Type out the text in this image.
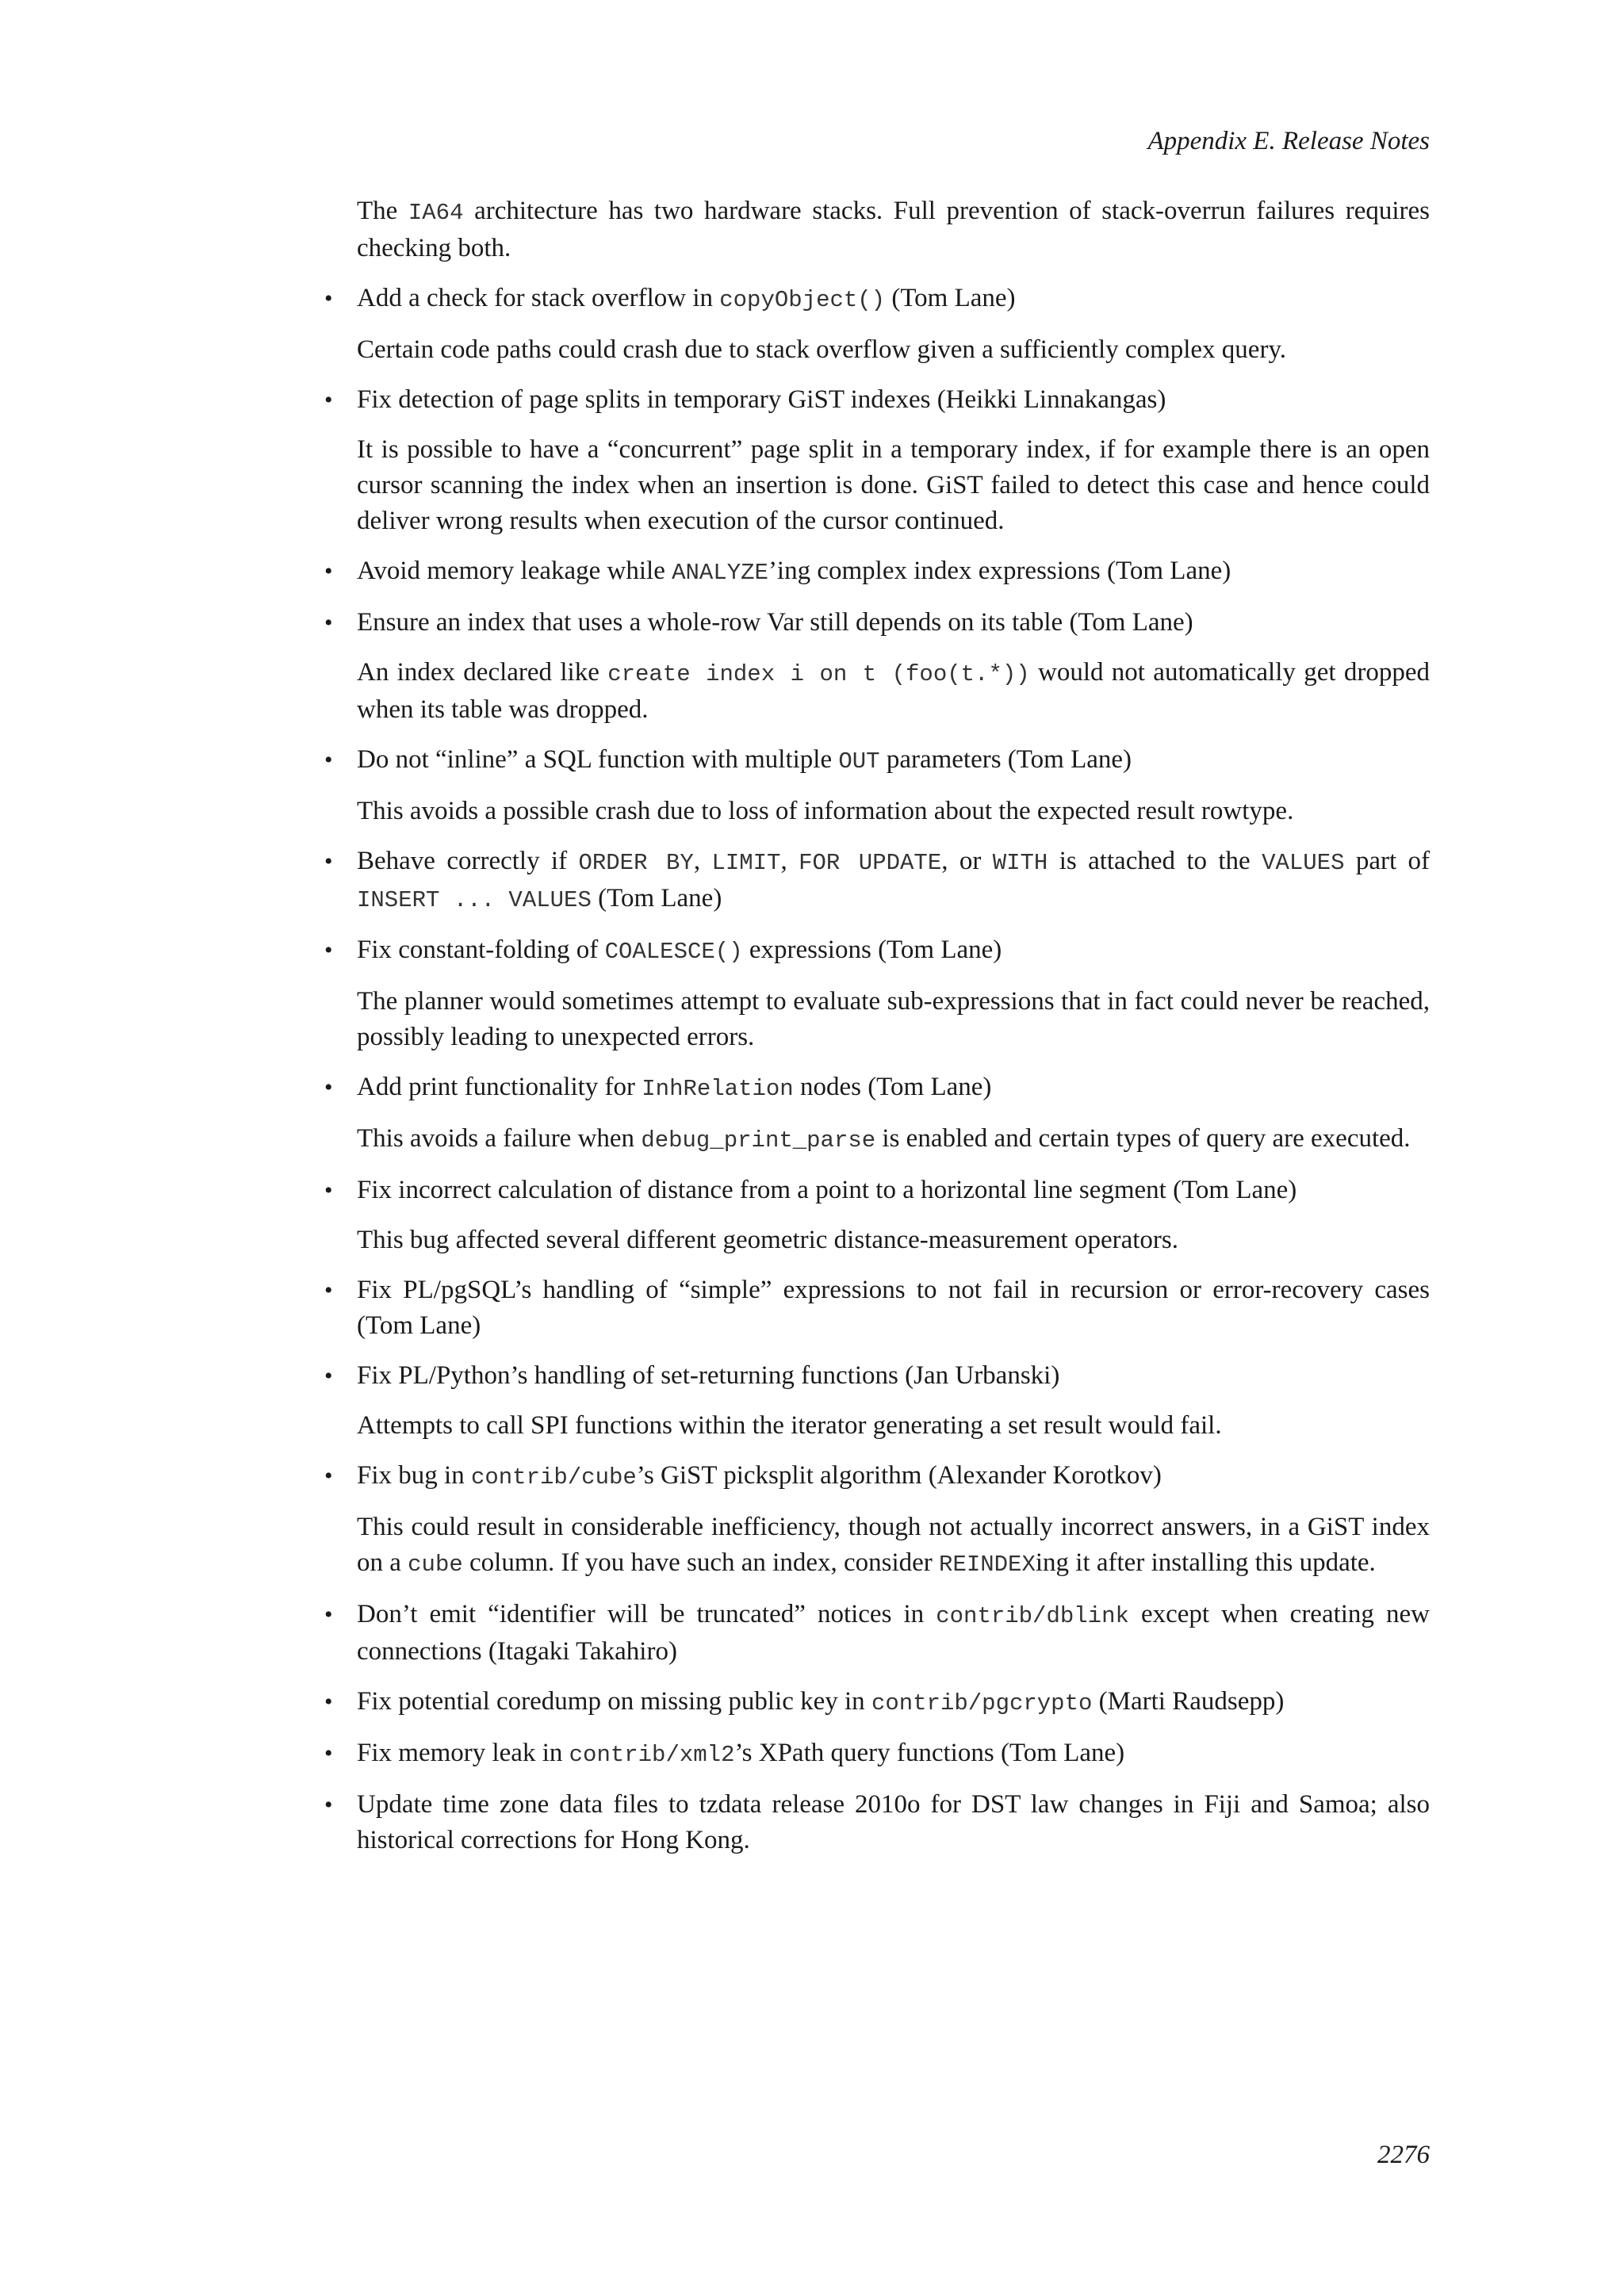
Appendix E. Release Notes

The IA64 architecture has two hardware stacks. Full prevention of stack-overrun failures requires checking both.

• Add a check for stack overflow in copyObject() (Tom Lane)

Certain code paths could crash due to stack overflow given a sufficiently complex query.

• Fix detection of page splits in temporary GiST indexes (Heikki Linnakangas)

It is possible to have a “concurrent” page split in a temporary index, if for example there is an open cursor scanning the index when an insertion is done. GiST failed to detect this case and hence could deliver wrong results when execution of the cursor continued.

• Avoid memory leakage while ANALYZE’ing complex index expressions (Tom Lane)

• Ensure an index that uses a whole-row Var still depends on its table (Tom Lane)

An index declared like create index i on t (foo(t.*)) would not automatically get dropped when its table was dropped.

• Do not “inline” a SQL function with multiple OUT parameters (Tom Lane)

This avoids a possible crash due to loss of information about the expected result rowtype.

• Behave correctly if ORDER BY, LIMIT, FOR UPDATE, or WITH is attached to the VALUES part of INSERT ... VALUES (Tom Lane)

• Fix constant-folding of COALESCE() expressions (Tom Lane)

The planner would sometimes attempt to evaluate sub-expressions that in fact could never be reached, possibly leading to unexpected errors.

• Add print functionality for InhRelation nodes (Tom Lane)

This avoids a failure when debug_print_parse is enabled and certain types of query are executed.

• Fix incorrect calculation of distance from a point to a horizontal line segment (Tom Lane)

This bug affected several different geometric distance-measurement operators.

• Fix PL/pgSQL’s handling of “simple” expressions to not fail in recursion or error-recovery cases (Tom Lane)

• Fix PL/Python’s handling of set-returning functions (Jan Urbanski)

Attempts to call SPI functions within the iterator generating a set result would fail.

• Fix bug in contrib/cube’s GiST picksplit algorithm (Alexander Korotkov)

This could result in considerable inefficiency, though not actually incorrect answers, in a GiST index on a cube column. If you have such an index, consider REINDEXing it after installing this update.

• Don’t emit “identifier will be truncated” notices in contrib/dblink except when creating new connections (Itagaki Takahiro)

• Fix potential coredump on missing public key in contrib/pgcrypto (Marti Raudsepp)

• Fix memory leak in contrib/xml2’s XPath query functions (Tom Lane)

• Update time zone data files to tzdata release 2010o for DST law changes in Fiji and Samoa; also historical corrections for Hong Kong.

2276
